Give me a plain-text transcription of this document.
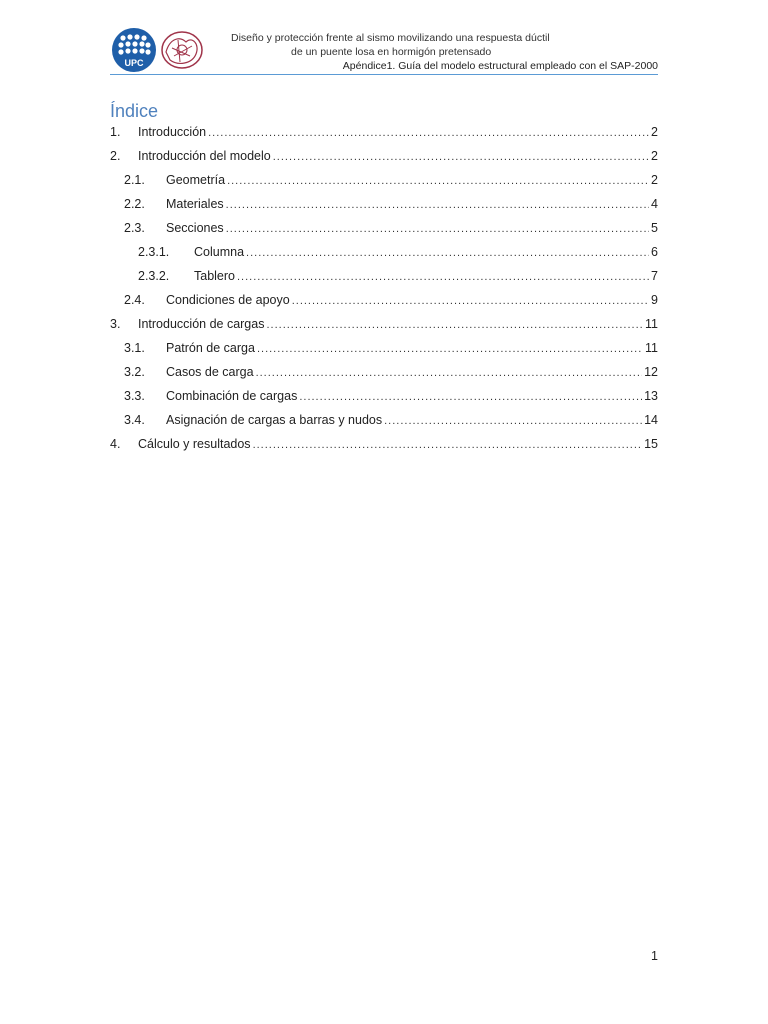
UPC
Diseño y protección frente al sismo movilizando una respuesta dúctil
de un puente losa en hormigón pretensado
Apéndice1. Guía del modelo estructural empleado con el SAP-2000
Índice
1.	Introducción .....	2
2.	Introducción del modelo .....	2
2.1.	Geometría .....	2
2.2.	Materiales .....	4
2.3.	Secciones .....	5
2.3.1.	Columna .....	6
2.3.2.	Tablero .....	7
2.4.	Condiciones de apoyo .....	9
3.	Introducción de cargas .....	11
3.1.	Patrón de carga .....	11
3.2.	Casos de carga .....	12
3.3.	Combinación de cargas .....	13
3.4.	Asignación de cargas a barras y nudos .....	14
4.	Cálculo y resultados .....	15
1
